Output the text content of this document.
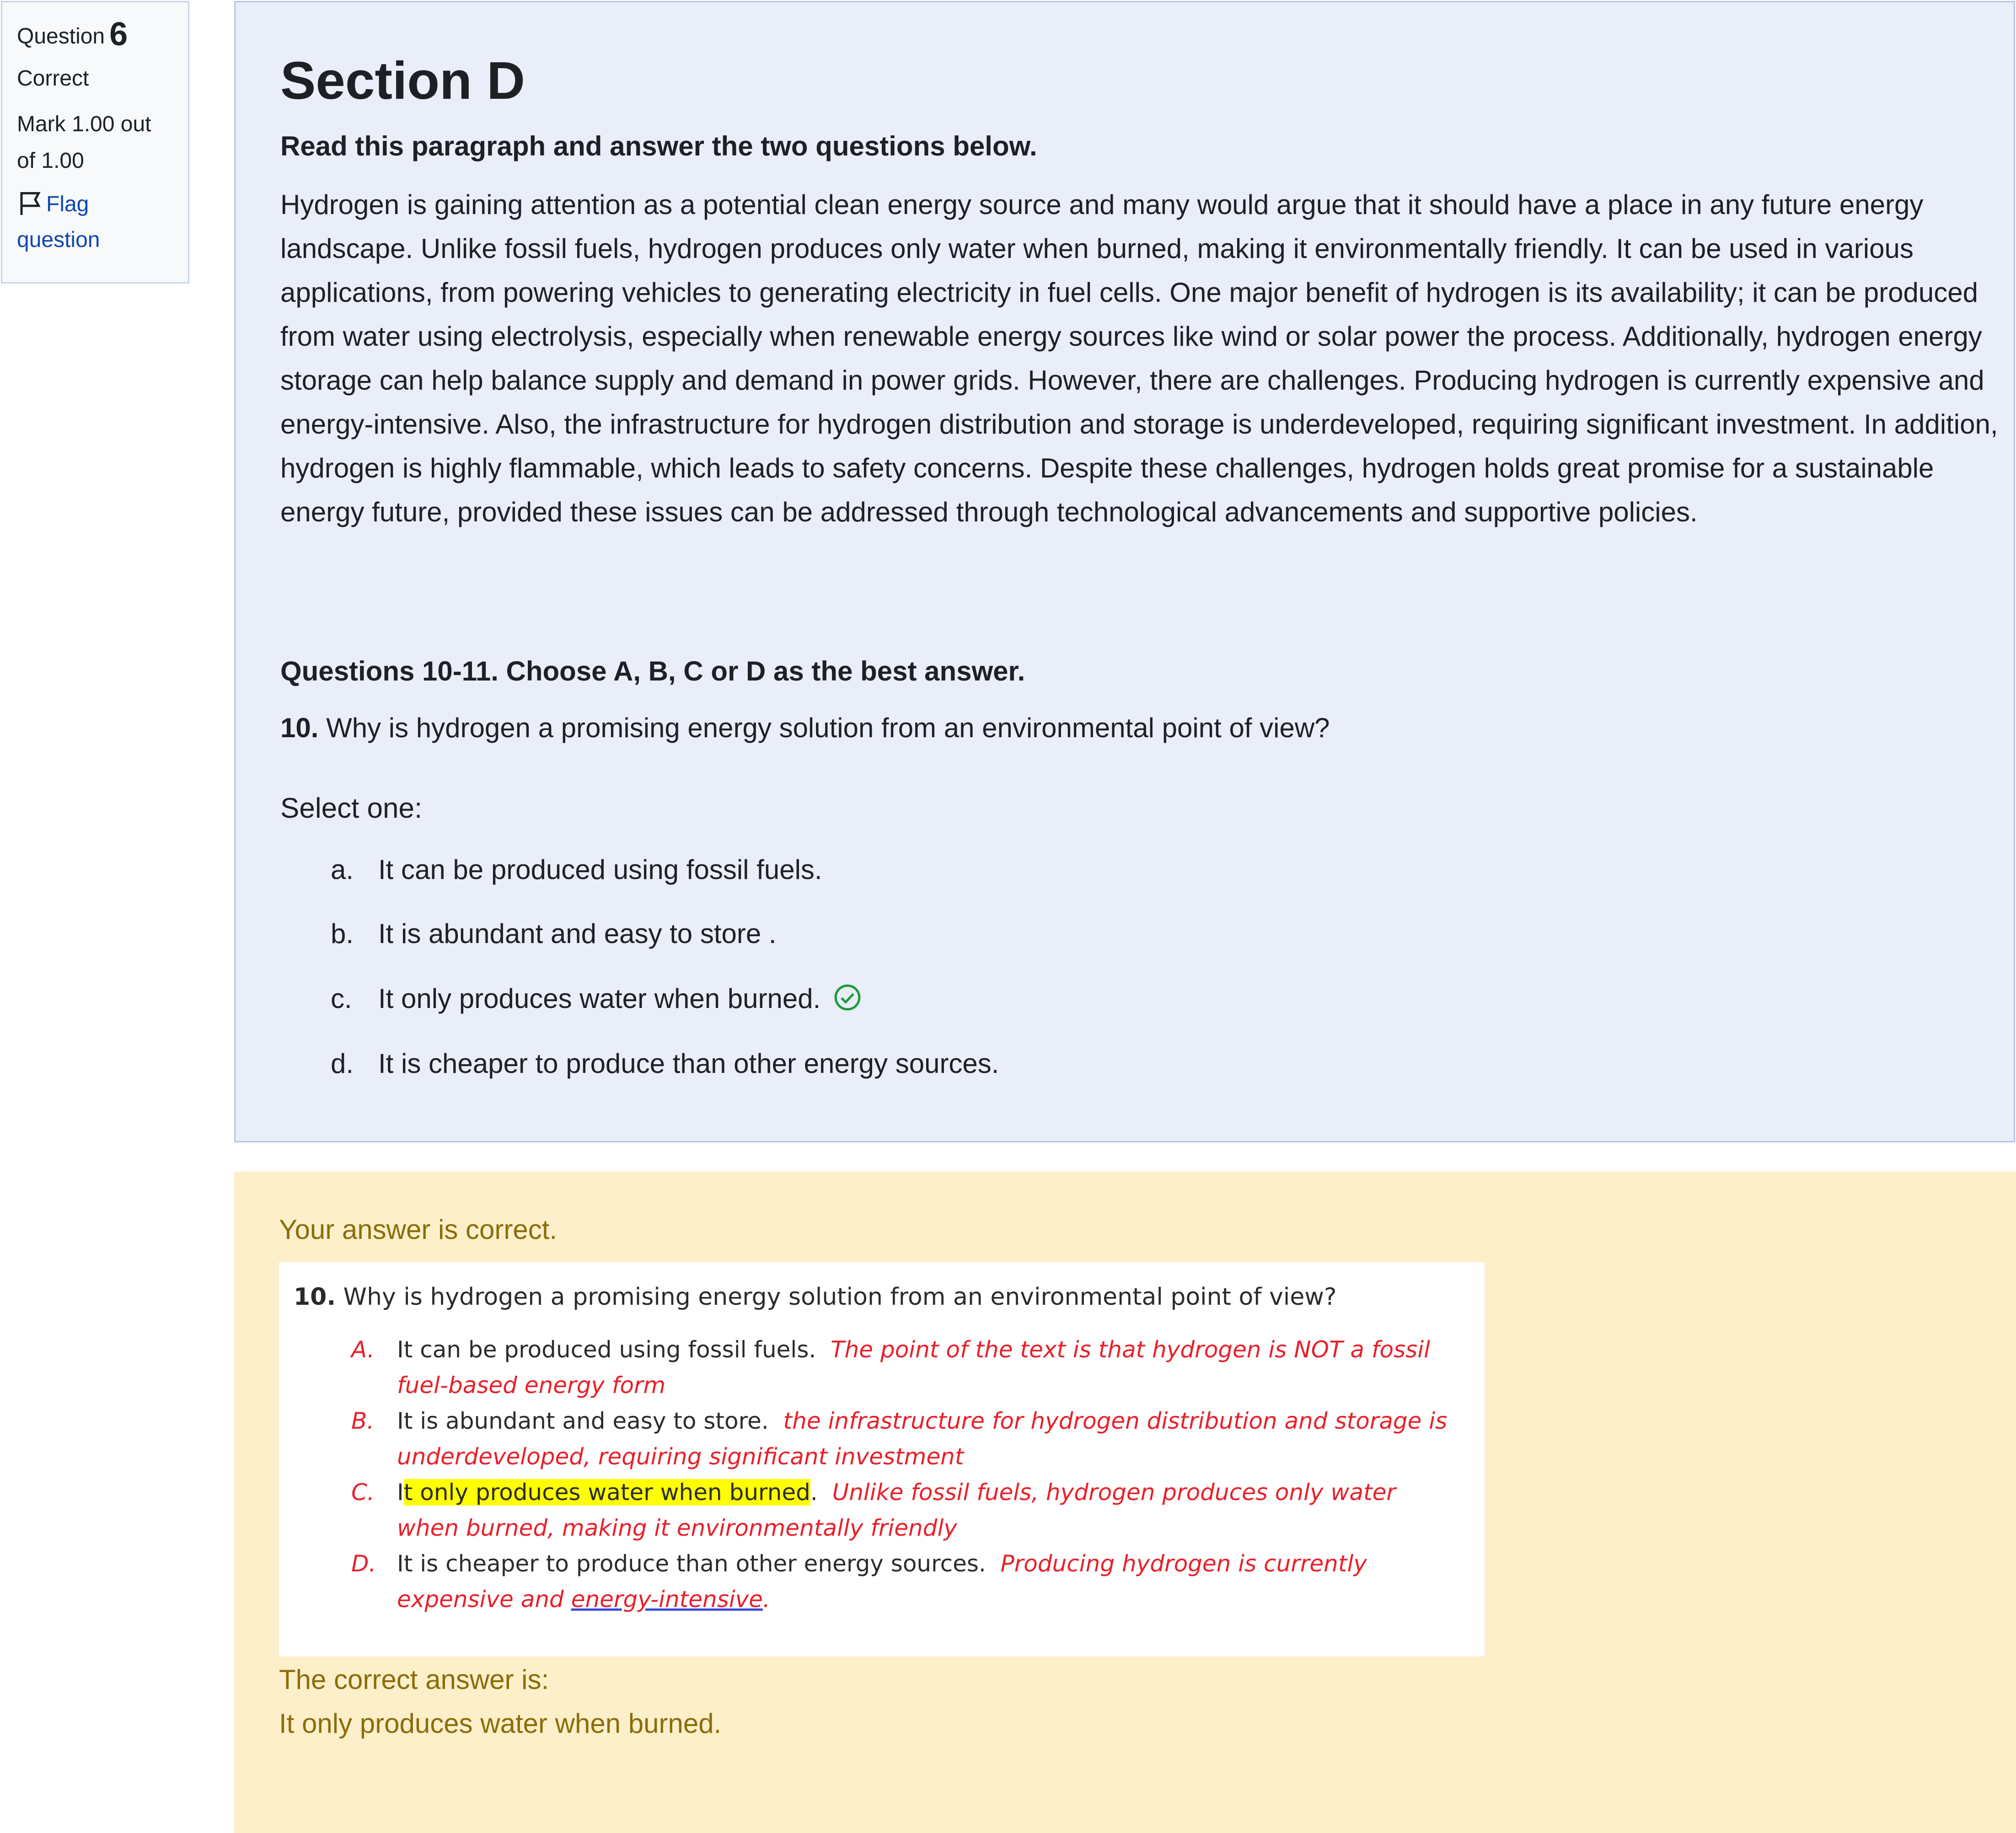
Question 6
Correct
Mark 1.00 out of 1.00
Flag question
Section D
Read this paragraph and answer the two questions below.

Hydrogen is gaining attention as a potential clean energy source and many would argue that it should have a place in any future energy landscape. Unlike fossil fuels, hydrogen produces only water when burned, making it environmentally friendly. It can be used in various applications, from powering vehicles to generating electricity in fuel cells. One major benefit of hydrogen is its availability; it can be produced from water using electrolysis, especially when renewable energy sources like wind or solar power the process. Additionally, hydrogen energy storage can help balance supply and demand in power grids. However, there are challenges. Producing hydrogen is currently expensive and energy-intensive. Also, the infrastructure for hydrogen distribution and storage is underdeveloped, requiring significant investment. In addition, hydrogen is highly flammable, which leads to safety concerns. Despite these challenges, hydrogen holds great promise for a sustainable energy future, provided these issues can be addressed through technological advancements and supportive policies.

Questions 10-11. Choose A, B, C or D as the best answer.
10. Why is hydrogen a promising energy solution from an environmental point of view?
Select one:
a. It can be produced using fossil fuels.
b. It is abundant and easy to store .
c. It only produces water when burned.
d. It is cheaper to produce than other energy sources.
Your answer is correct.
10. Why is hydrogen a promising energy solution from an environmental point of view?
A. It can be produced using fossil fuels. The point of the text is that hydrogen is NOT a fossil fuel-based energy form
B. It is abundant and easy to store. the infrastructure for hydrogen distribution and storage is underdeveloped, requiring significant investment
C. It only produces water when burned. Unlike fossil fuels, hydrogen produces only water when burned, making it environmentally friendly
D. It is cheaper to produce than other energy sources. Producing hydrogen is currently expensive and energy-intensive.
The correct answer is:
It only produces water when burned.
